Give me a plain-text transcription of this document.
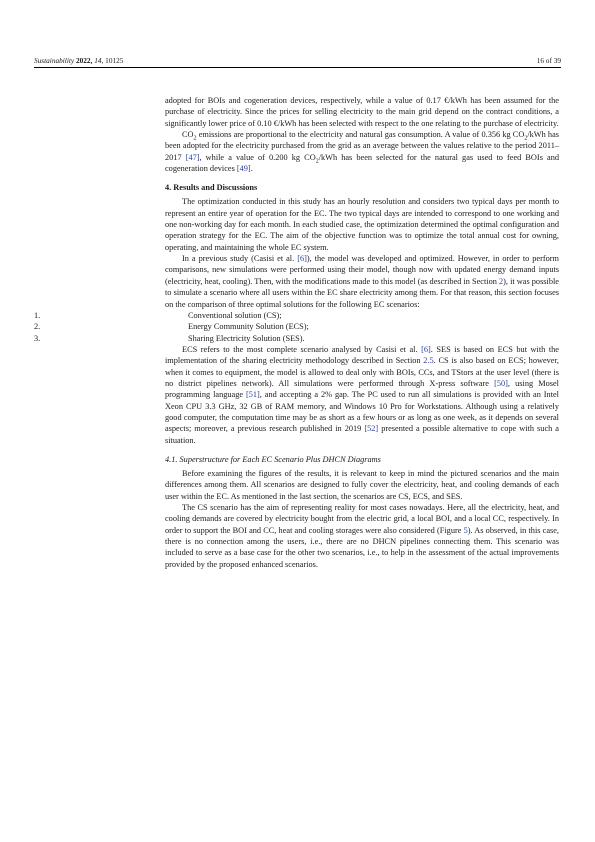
Sustainability 2022, 14, 10125	16 of 39

adopted for BOIs and cogeneration devices, respectively, while a value of 0.17 €/kWh has been assumed for the purchase of electricity. Since the prices for selling electricity to the main grid depend on the contract conditions, a significantly lower price of 0.10 €/kWh has been selected with respect to the one relating to the purchase of electricity.

$CO_2$ emissions are proportional to the electricity and natural gas consumption. A value of 0.356 kg $CO_2$/kWh has been adopted for the electricity purchased from the grid as an average between the values relative to the period 2011–2017 [47], while a value of 0.200 kg $CO_2$/kWh has been selected for the natural gas used to feed BOIs and cogeneration devices [49].

4. Results and Discussions

The optimization conducted in this study has an hourly resolution and considers two typical days per month to represent an entire year of operation for the EC. The two typical days are intended to correspond to one working and one non-working day for each month. In each studied case, the optimization determined the optimal configuration and operation strategy for the EC. The aim of the objective function was to optimize the total annual cost for owning, operating, and maintaining the whole EC system.

In a previous study (Casisi et al. [6]), the model was developed and optimized. However, in order to perform comparisons, new simulations were performed using their model, though now with updated energy demand inputs (electricity, heat, cooling). Then, with the modifications made to this model (as described in Section 2), it was possible to simulate a scenario where all users within the EC share electricity among them. For that reason, this section focuses on the comparison of three optimal solutions for the following EC scenarios:

1.	Conventional solution (CS);
2.	Energy Community Solution (ECS);
3.	Sharing Electricity Solution (SES).

ECS refers to the most complete scenario analysed by Casisi et al. [6]. SES is based on ECS but with the implementation of the sharing electricity methodology described in Section 2.5. CS is also based on ECS; however, when it comes to equipment, the model is allowed to deal only with BOIs, CCs, and TStors at the user level (there is no district pipelines network). All simulations were performed through X-press software [50], using Mosel programming language [51], and accepting a 2% gap. The PC used to run all simulations is provided with an Intel Xeon CPU 3.3 GHz, 32 GB of RAM memory, and Windows 10 Pro for Workstations. Although using a relatively good computer, the computation time may be as short as a few hours or as long as one week, as it depends on several aspects; moreover, a previous research published in 2019 [52] presented a possible alternative to cope with such a situation.

4.1. Superstructure for Each EC Scenario Plus DHCN Diagrams

Before examining the figures of the results, it is relevant to keep in mind the pictured scenarios and the main differences among them. All scenarios are designed to fully cover the electricity, heat, and cooling demands of each user within the EC. As mentioned in the last section, the scenarios are CS, ECS, and SES.

The CS scenario has the aim of representing reality for most cases nowadays. Here, all the electricity, heat, and cooling demands are covered by electricity bought from the electric grid, a local BOI, and a local CC, respectively. In order to support the BOI and CC, heat and cooling storages were also considered (Figure 5). As observed, in this case, there is no connection among the users, i.e., there are no DHCN pipelines connecting them. This scenario was included to serve as a base case for the other two scenarios, i.e., to help in the assessment of the actual improvements provided by the proposed enhanced scenarios.
